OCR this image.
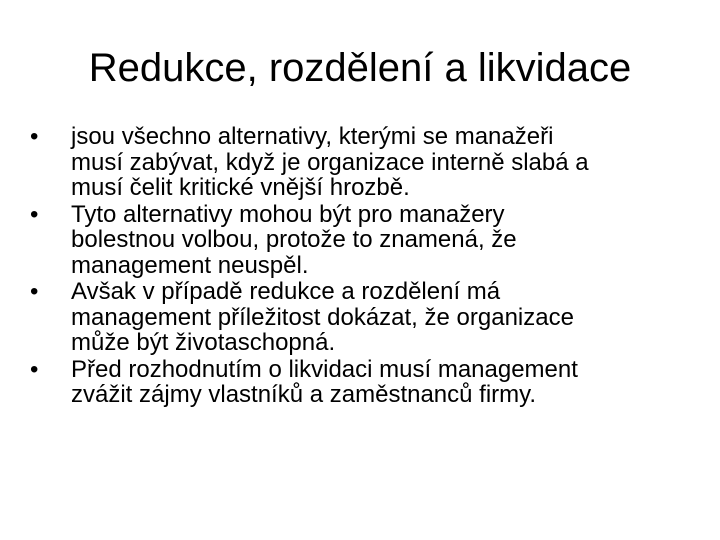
Redukce, rozdělení a likvidace
•	jsou všechno alternativy, kterými se manažeři
musí zabývat, když je organizace interně slabá a
musí čelit kritické vnější hrozbě.
•	Tyto alternativy mohou být pro manažery
bolestnou volbou, protože to znamená, že
management neuspěl.
•	Avšak v případě redukce a rozdělení má
management příležitost dokázat, že organizace
může být životaschopná.
•	Před rozhodnutím o likvidaci musí management
zvážit zájmy vlastníků a zaměstnanců firmy.
